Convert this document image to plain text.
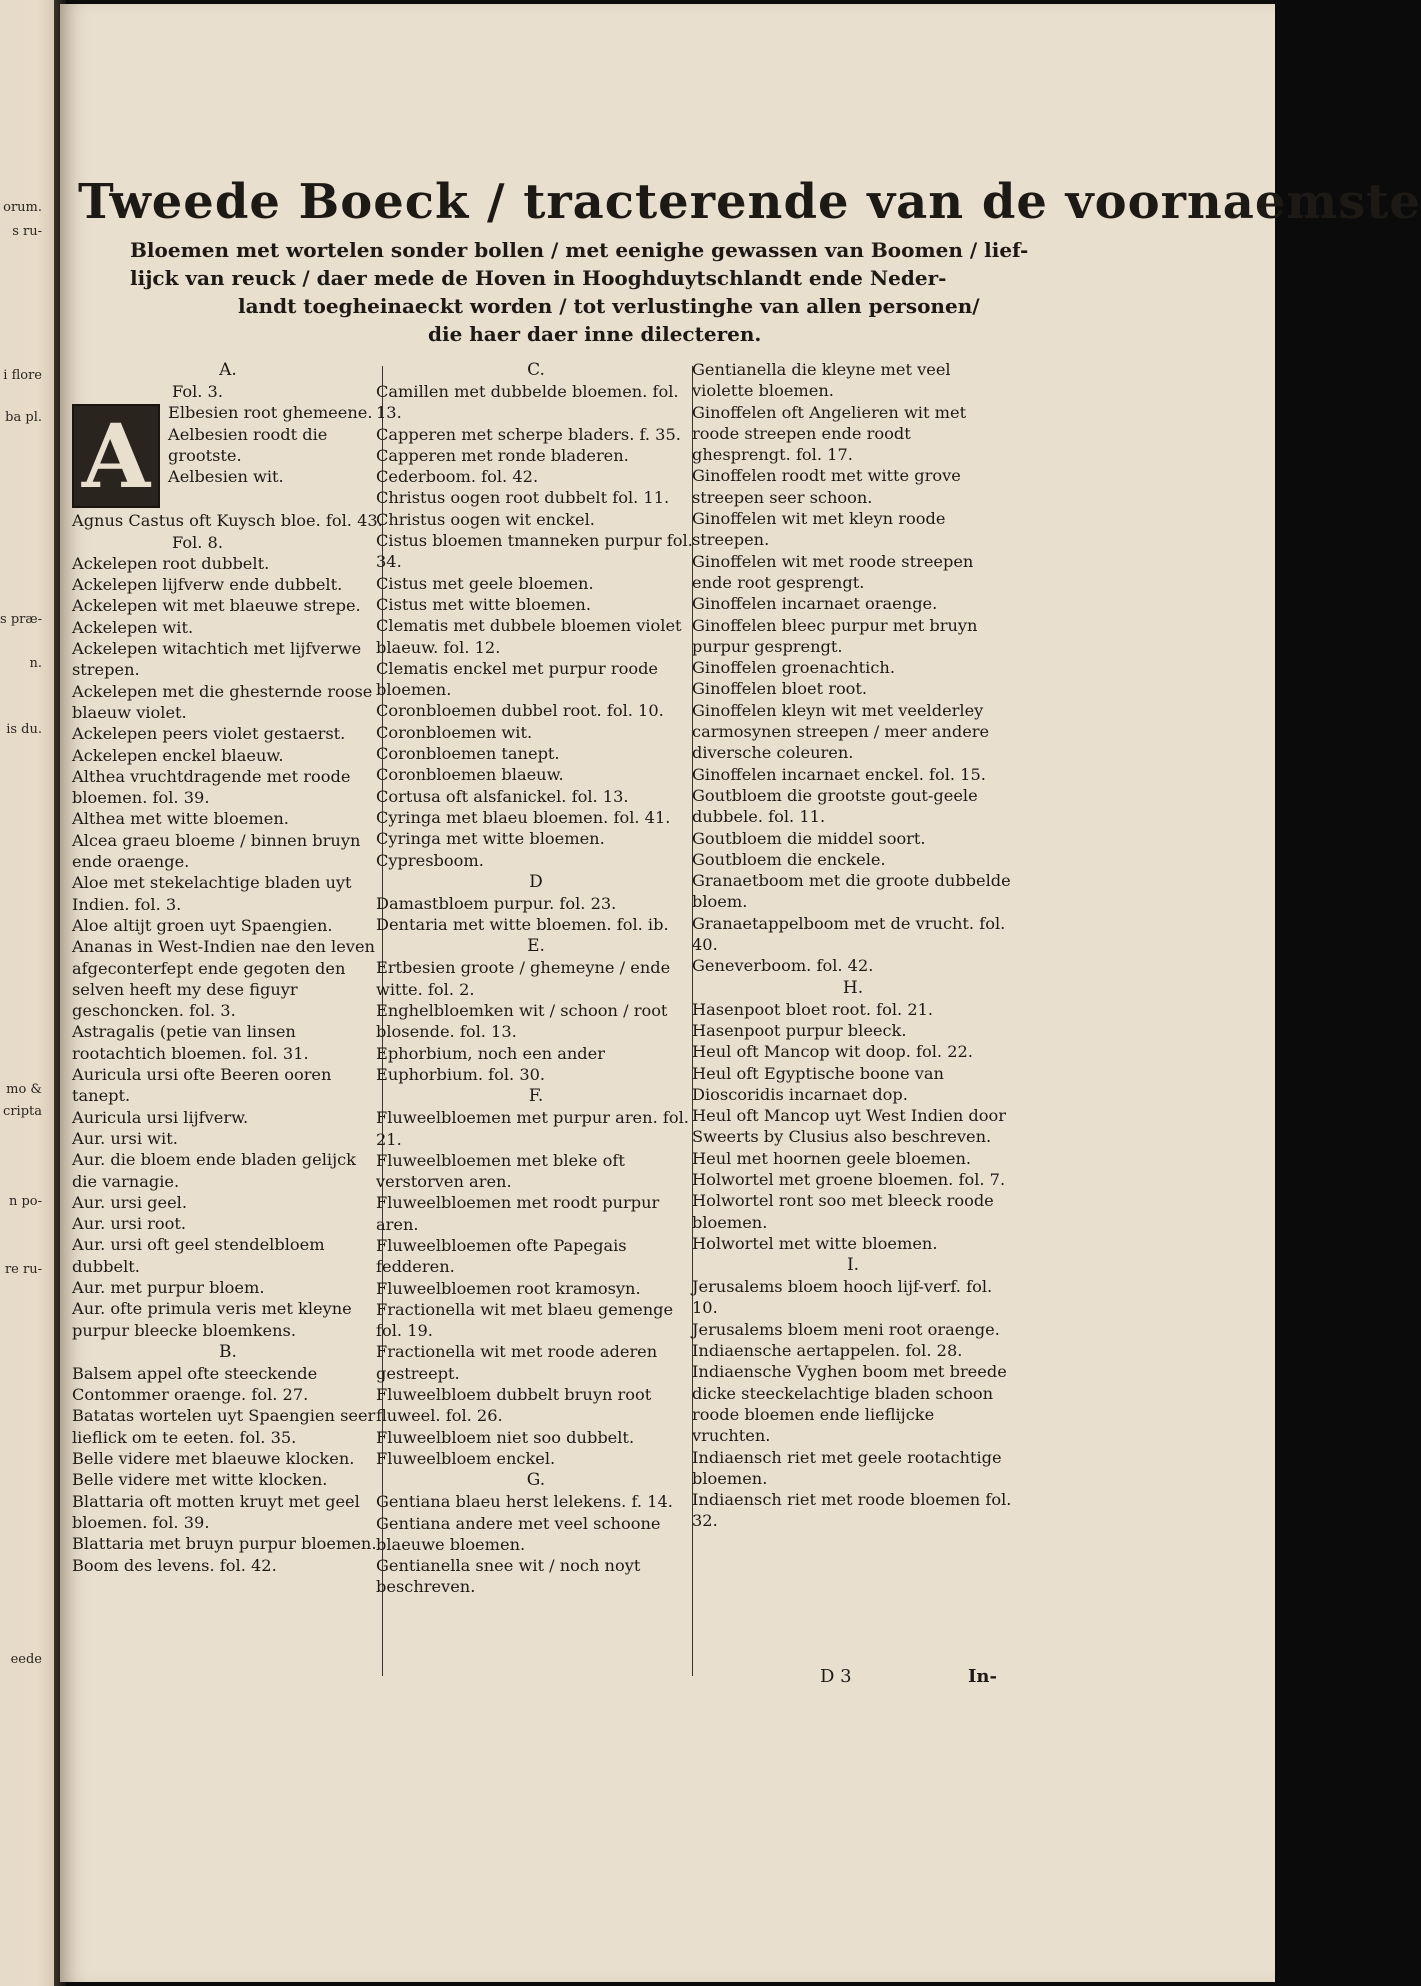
orum.
s ru-
i flore
ba pl.
s præ-
n.
is du.
mo &
cripta
n po-
re ru-
eede
Tweede Boeck / tracterende van de voornaemste
Bloemen met wortelen sonder bollen / met eenighe gewassen van Boomen / lief-
lijck van reuck / daer mede de Hoven in Hooghduytschlandt ende Neder-
landt toegheinaeckt worden / tot verlustinghe van allen personen/
die haer daer inne dilecteren.
A.
Fol. 3.
A	Elbesien root ghemeene.
Aelbesien roodt die grootste.
Aelbesien wit.
Agnus Castus oft Kuysch bloe. fol. 43.
Fol. 8.
Ackelepen root dubbelt.
Ackelepen lijfverw ende dubbelt.
Ackelepen wit met blaeuwe strepe.
Ackelepen wit.
Ackelepen witachtich met lijfverwe strepen.
Ackelepen met die ghesternde roose blaeuw violet.
Ackelepen peers violet gestaerst.
Ackelepen enckel blaeuw.
Althea vruchtdragende met roode bloemen. fol. 39.
Althea met witte bloemen.
Alcea graeu bloeme / binnen bruyn ende oraenge.
Aloe met stekelachtige bladen uyt Indien. fol. 3.
Aloe altijt groen uyt Spaengien.
Ananas in West-Indien nae den leven afgeconterfept ende gegoten den selven heeft my dese figuyr geschoncken. fol. 3.
Astragalis (petie van linsen rootachtich bloemen. fol. 31.
Auricula ursi ofte Beeren ooren tanept.
Auricula ursi lijfverw.
Aur. ursi wit.
Aur. die bloem ende bladen gelijck die varnagie.
Aur. ursi geel.
Aur. ursi root.
Aur. ursi oft geel stendelbloem dubbelt.
Aur. met purpur bloem.
Aur. ofte primula veris met kleyne purpur bleecke bloemkens.
B.
Balsem appel ofte steeckende Contommer oraenge. fol. 27.
Batatas wortelen uyt Spaengien seer lieflick om te eeten. fol. 35.
Belle videre met blaeuwe klocken.
Belle videre met witte klocken.
Blattaria oft motten kruyt met geel bloemen. fol. 39.
Blattaria met bruyn purpur bloemen.
Boom des levens. fol. 42.
C.
Camillen met dubbelde bloemen. fol. 13.
Capperen met scherpe bladers. f. 35.
Capperen met ronde bladeren.
Cederboom. fol. 42.
Christus oogen root dubbelt fol. 11.
Christus oogen wit enckel.
Cistus bloemen tmanneken purpur fol. 34.
Cistus met geele bloemen.
Cistus met witte bloemen.
Clematis met dubbele bloemen violet blaeuw. fol. 12.
Clematis enckel met purpur roode bloemen.
Coronbloemen dubbel root. fol. 10.
Coronbloemen wit.
Coronbloemen tanept.
Coronbloemen blaeuw.
Cortusa oft alsfanickel. fol. 13.
Cyringa met blaeu bloemen. fol. 41.
Cyringa met witte bloemen.
Cypresboom.
D
Damastbloem purpur. fol. 23.
Dentaria met witte bloemen. fol. ib.
E.
Ertbesien groote / ghemeyne / ende witte. fol. 2.
Enghelbloemken wit / schoon / root blosende. fol. 13.
Ephorbium, noch een ander Euphorbium. fol. 30.
F.
Fluweelbloemen met purpur aren. fol. 21.
Fluweelbloemen met bleke oft verstorven aren.
Fluweelbloemen met roodt purpur aren.
Fluweelbloemen ofte Papegais fedderen.
Fluweelbloemen root kramosyn.
Fractionella wit met blaeu gemenge fol. 19.
Fractionella wit met roode aderen gestreept.
Fluweelbloem dubbelt bruyn root fluweel. fol. 26.
Fluweelbloem niet soo dubbelt.
Fluweelbloem enckel.
G.
Gentiana blaeu herst lelekens. f. 14.
Gentiana andere met veel schoone blaeuwe bloemen.
Gentianella snee wit / noch noyt beschreven.
Gentianella die kleyne met veel violette bloemen.
Ginoffelen oft Angelieren wit met roode streepen ende roodt ghesprengt. fol. 17.
Ginoffelen roodt met witte grove streepen seer schoon.
Ginoffelen wit met kleyn roode streepen.
Ginoffelen wit met roode streepen ende root gesprengt.
Ginoffelen incarnaet oraenge.
Ginoffelen bleec purpur met bruyn purpur gesprengt.
Ginoffelen groenachtich.
Ginoffelen bloet root.
Ginoffelen kleyn wit met veelderley carmosynen streepen / meer andere diversche coleuren.
Ginoffelen incarnaet enckel. fol. 15.
Goutbloem die grootste gout-geele dubbele. fol. 11.
Goutbloem die middel soort.
Goutbloem die enckele.
Granaetboom met die groote dubbelde bloem.
Granaetappelboom met de vrucht. fol. 40.
Geneverboom. fol. 42.
H.
Hasenpoot bloet root. fol. 21.
Hasenpoot purpur bleeck.
Heul oft Mancop wit doop. fol. 22.
Heul oft Egyptische boone van Dioscoridis incarnaet dop.
Heul oft Mancop uyt West Indien door Sweerts by Clusius also beschreven.
Heul met hoornen geele bloemen.
Holwortel met groene bloemen. fol. 7.
Holwortel ront soo met bleeck roode bloemen.
Holwortel met witte bloemen.
I.
Jerusalems bloem hooch lijf-verf. fol. 10.
Jerusalems bloem meni root oraenge.
Indiaensche aertappelen. fol. 28.
Indiaensche Vyghen boom met breede dicke steeckelachtige bladen schoon roode bloemen ende lieflijcke vruchten.
Indiaensch riet met geele rootachtige bloemen.
Indiaensch riet met roode bloemen fol. 32.
D 3	In-
